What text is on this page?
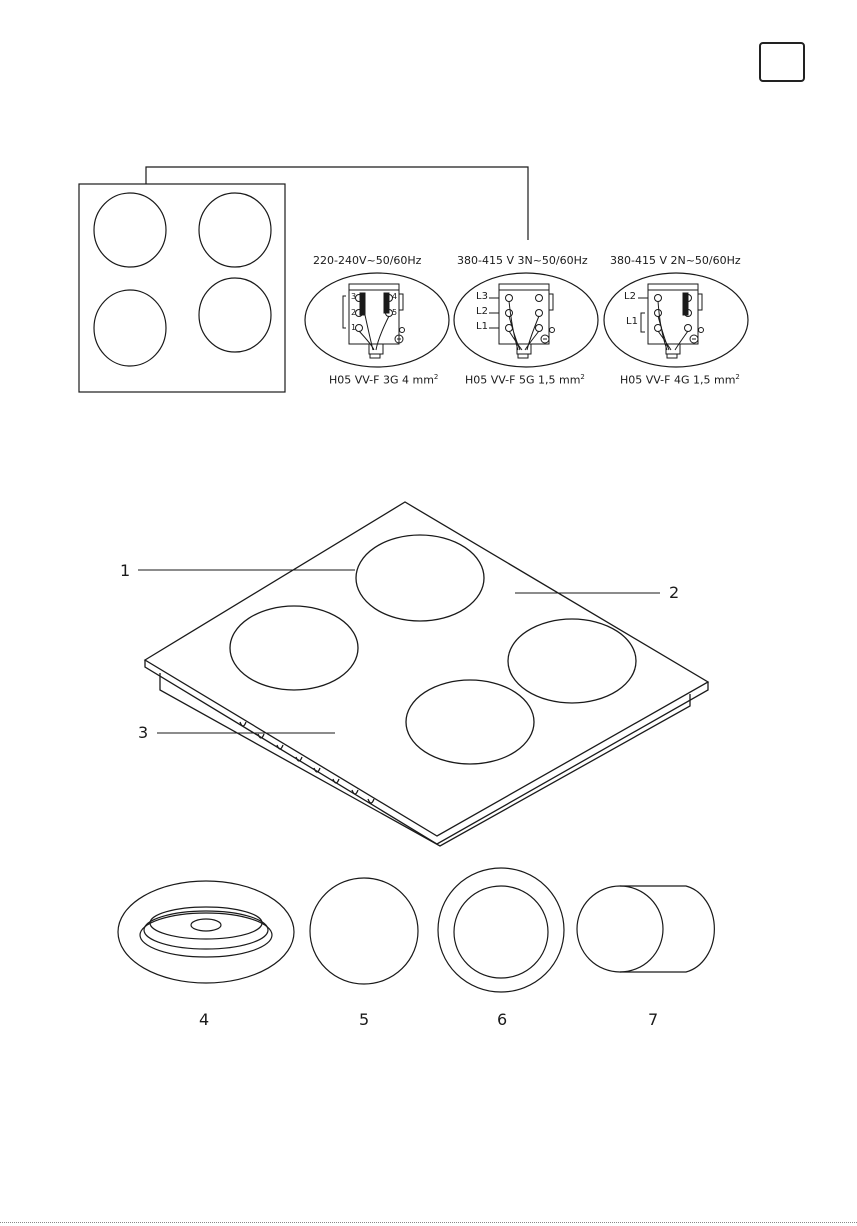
220-240V~50/60Hz	380-415 V 3N~50/60Hz 380-415 V 2N~50/60Hz
H05 VV-F 3G 4 $mm^2$ H05 VV-F 5G 1,5 $mm^2$	H05 VV-F 4G 1,5 $mm^2$
L3
L2
L1
L2
L1
3	4
2	5
1
1
2
3
4	5	6	7
